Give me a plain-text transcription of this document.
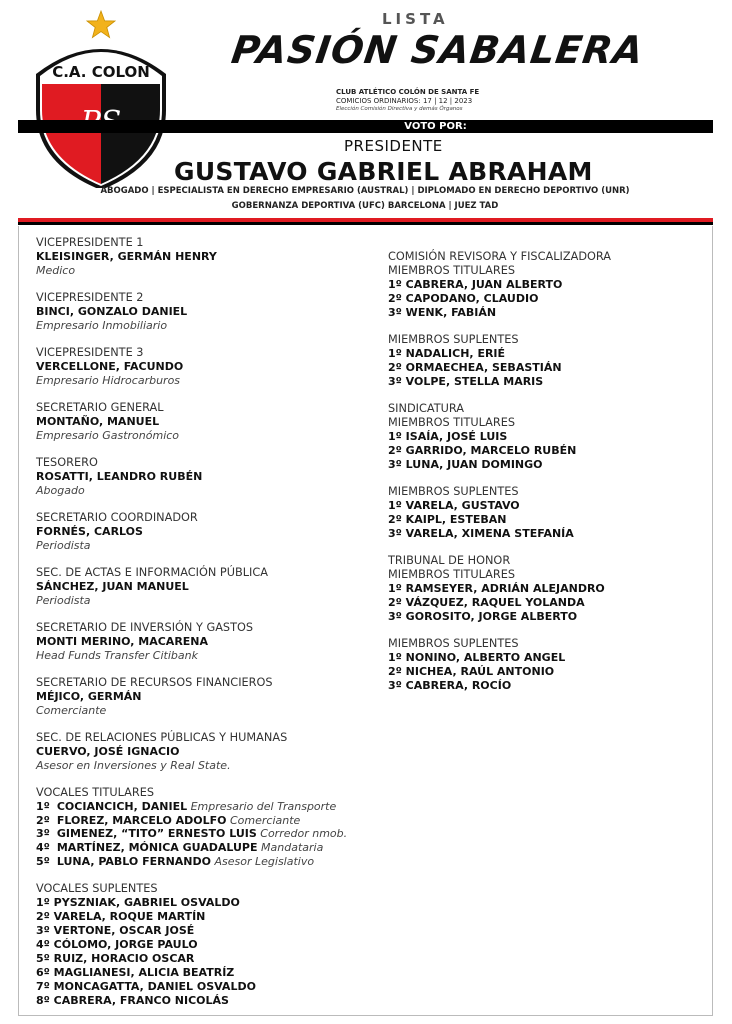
C.A. COLON
LISTA
PASIÓN SABALERA
CLUB ATLÉTICO COLÓN DE SANTA FE
COMICIOS ORDINARIOS: 17 | 12 | 2023
Elección Comisión Directiva y demás Órganos
VOTO POR:
PRESIDENTE
GUSTAVO GABRIEL ABRAHAM
ABOGADO | ESPECIALISTA EN DERECHO EMPRESARIO (AUSTRAL) | DIPLOMADO EN DERECHO DEPORTIVO (UNR)
GOBERNANZA DEPORTIVA (UFC) BARCELONA | JUEZ TAD
VICEPRESIDENTE 1
KLEISINGER, GERMÁN HENRY
Medico
VICEPRESIDENTE 2
BINCI, GONZALO DANIEL
Empresario Inmobiliario
VICEPRESIDENTE 3
VERCELLONE, FACUNDO
Empresario Hidrocarburos
SECRETARIO GENERAL
MONTAÑO, MANUEL
Empresario Gastronómico
TESORERO
ROSATTI, LEANDRO RUBÉN
Abogado
SECRETARIO COORDINADOR
FORNÉS, CARLOS
Periodista
SEC. DE ACTAS E INFORMACIÓN PÚBLICA
SÁNCHEZ, JUAN MANUEL
Periodista
SECRETARIO DE INVERSIÓN Y GASTOS
MONTI MERINO, MACARENA
Head Funds Transfer Citibank
SECRETARIO DE RECURSOS FINANCIEROS
MÉJICO, GERMÁN
Comerciante
SEC. DE RELACIONES PÚBLICAS Y HUMANAS
CUERVO, JOSÉ IGNACIO
Asesor en Inversiones y Real State.
VOCALES TITULARES
1º COCIANCICH, DANIEL Empresario del Transporte
2º FLOREZ, MARCELO ADOLFO Comerciante
3º GIMENEZ, “TITO” ERNESTO LUIS Corredor nmob.
4º MARTÍNEZ, MÓNICA GUADALUPE Mandataria
5º LUNA, PABLO FERNANDO Asesor Legislativo
VOCALES SUPLENTES
1º PYSZNIAK, GABRIEL OSVALDO
2º VARELA, ROQUE MARTÍN
3º VERTONE, OSCAR JOSÉ
4º CÓLOMO, JORGE PAULO
5º RUIZ, HORACIO OSCAR
6º MAGLIANESI, ALICIA BEATRÍZ
7º MONCAGATTA, DANIEL OSVALDO
8º CABRERA, FRANCO NICOLÁS
COMISIÓN REVISORA Y FISCALIZADORA
MIEMBROS TITULARES
1º CABRERA, JUAN ALBERTO
2º CAPODANO, CLAUDIO
3º WENK, FABIÁN
MIEMBROS SUPLENTES
1º NADALICH, ERIÉ
2º ORMAECHEA, SEBASTIÁN
3º VOLPE, STELLA MARIS
SINDICATURA
MIEMBROS TITULARES
1º ISAÍA, JOSÉ LUIS
2º GARRIDO, MARCELO RUBÉN
3º LUNA, JUAN DOMINGO
MIEMBROS SUPLENTES
1º VARELA, GUSTAVO
2º KAIPL, ESTEBAN
3º VARELA, XIMENA STEFANÍA
TRIBUNAL DE HONOR
MIEMBROS TITULARES
1º RAMSEYER, ADRIÁN ALEJANDRO
2º VÁZQUEZ, RAQUEL YOLANDA
3º GOROSITO, JORGE ALBERTO
MIEMBROS SUPLENTES
1º NONINO, ALBERTO ANGEL
2º NICHEA, RAÚL ANTONIO
3º CABRERA, ROCÍO
